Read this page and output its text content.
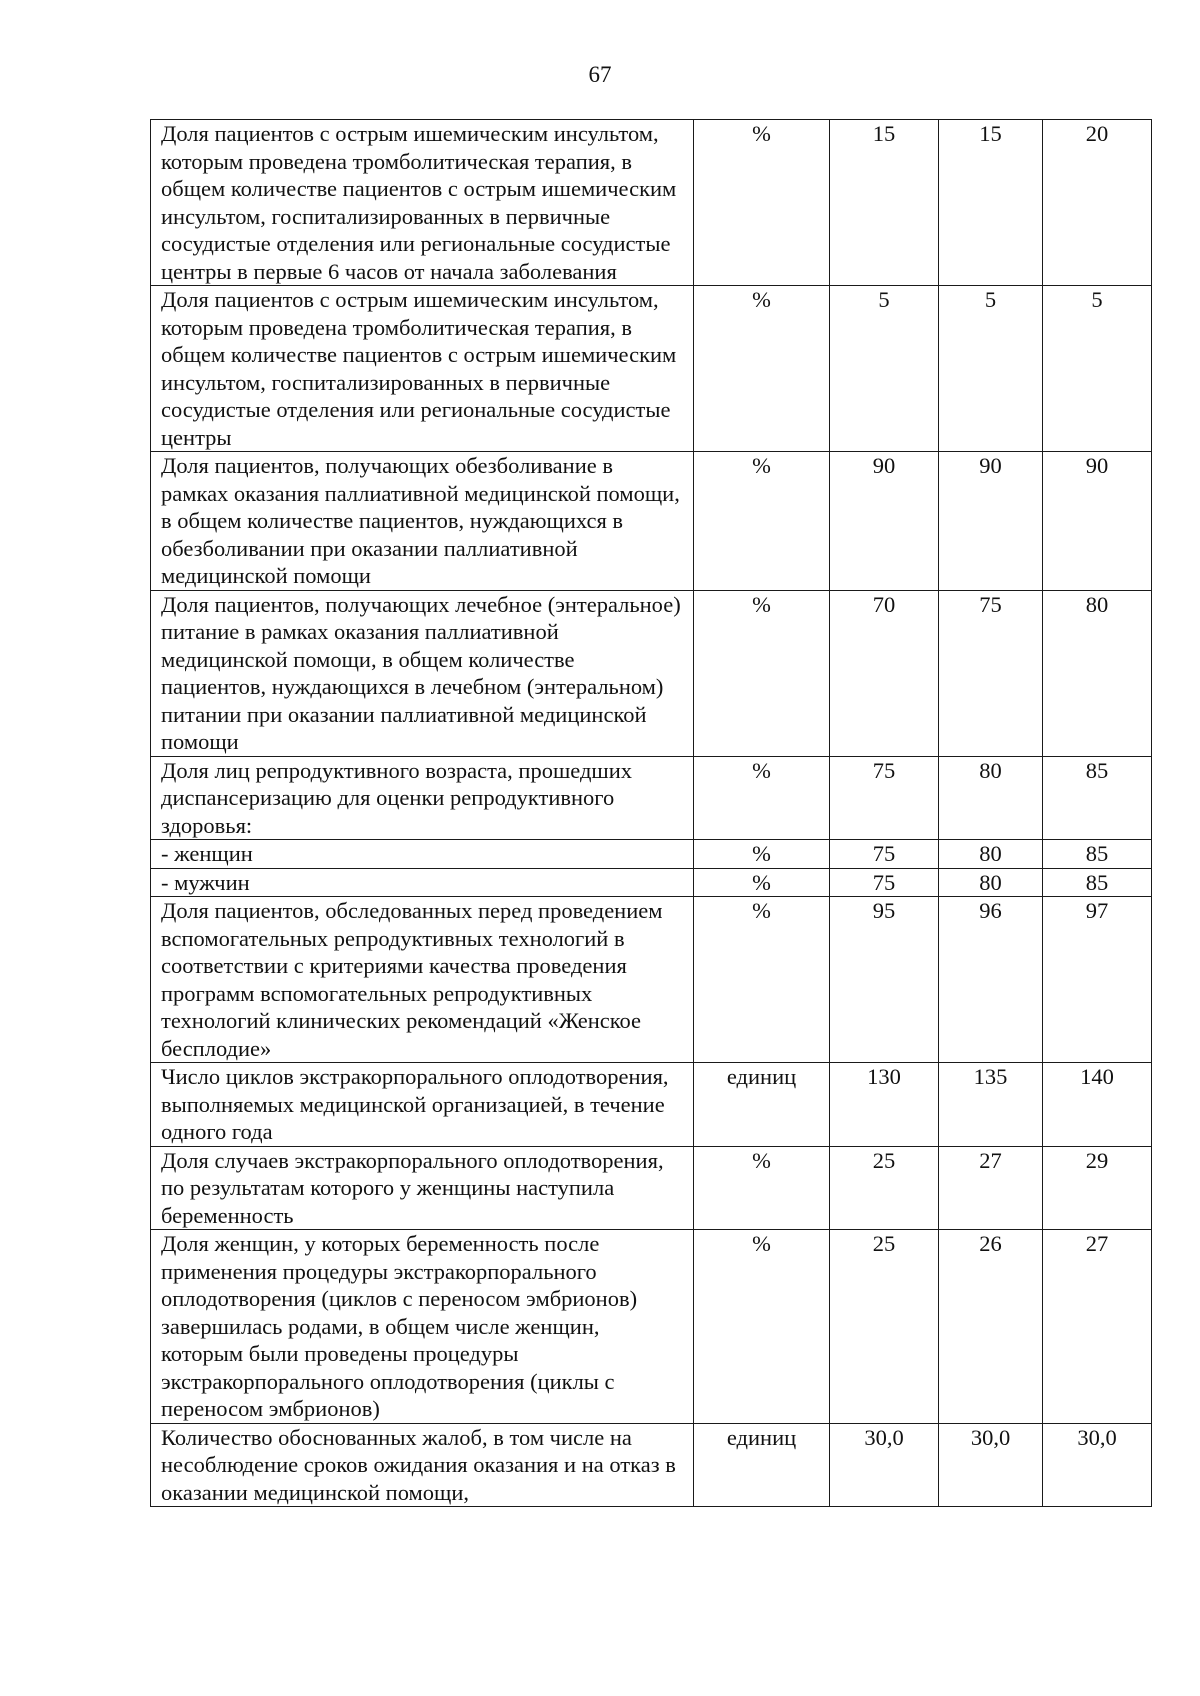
67
Доля пациентов с острым ишемическим инсультом, которым проведена тромболитическая терапия, в общем количестве пациентов с острым ишемическим инсультом, госпитализированных в первичные сосудистые отделения или региональные сосудистые центры в первые 6 часов от начала заболевания	%	15	15	20
Доля пациентов с острым ишемическим инсультом, которым проведена тромболитическая терапия, в общем количестве пациентов с острым ишемическим инсультом, госпитализированных в первичные сосудистые отделения или региональные сосудистые центры	%	5	5	5
Доля пациентов, получающих обезболивание в рамках оказания паллиативной медицинской помощи, в общем количестве пациентов, нуждающихся в обезболивании при оказании паллиативной медицинской помощи	%	90	90	90
Доля пациентов, получающих лечебное (энтеральное) питание в рамках оказания паллиативной медицинской помощи, в общем количестве пациентов, нуждающихся в лечебном (энтеральном) питании при оказании паллиативной медицинской помощи	%	70	75	80
Доля лиц репродуктивного возраста, прошедших диспансеризацию для оценки репродуктивного здоровья:	%	75	80	85
- женщин	%	75	80	85
- мужчин	%	75	80	85
Доля пациентов, обследованных перед проведением вспомогательных репродуктивных технологий в соответствии с критериями качества проведения программ вспомогательных репродуктивных технологий клинических рекомендаций «Женское бесплодие»	%	95	96	97
Число циклов экстракорпорального оплодотворения, выполняемых медицинской организацией, в течение одного года	единиц	130	135	140
Доля случаев экстракорпорального оплодотворения, по результатам которого у женщины наступила беременность	%	25	27	29
Доля женщин, у которых беременность после применения процедуры экстракорпорального оплодотворения (циклов с переносом эмбрионов) завершилась родами, в общем числе женщин, которым были проведены процедуры экстракорпорального оплодотворения (циклы с переносом эмбрионов)	%	25	26	27
Количество обоснованных жалоб, в том числе на несоблюдение сроков ожидания оказания и на отказ в оказании медицинской помощи,	единиц	30,0	30,0	30,0
